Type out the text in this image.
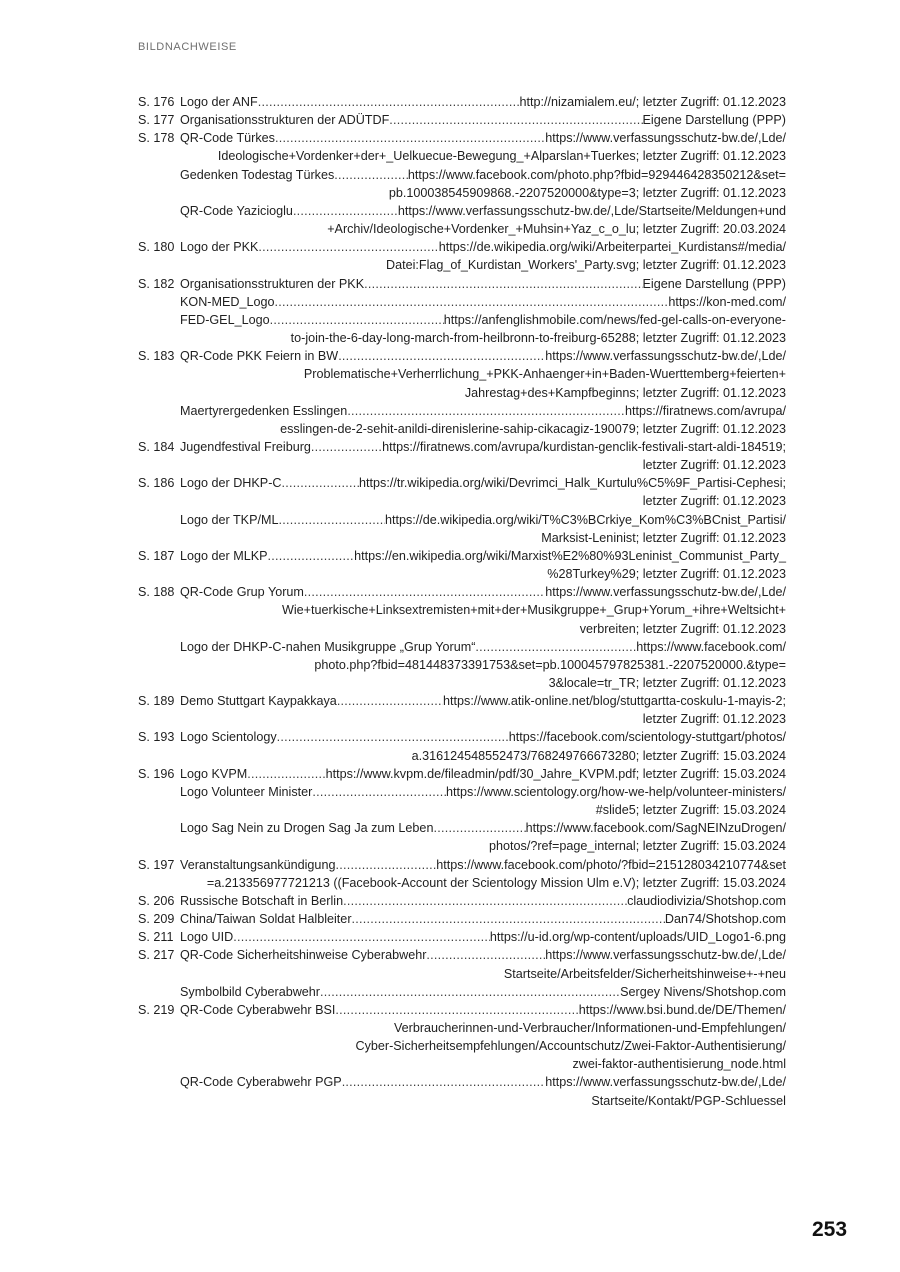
BILDNACHWEISE
S. 176 Logo der ANF .....	http://nizamialem.eu/; letzter Zugriff: 01.12.2023
S. 177 Organisationsstrukturen der ADÜTDF .....	Eigene Darstellung (PPP)
S. 178 QR-Code Türkes .....	https://www.verfassungsschutz-bw.de/,Lde/
Ideologische+Vordenker+der+_Uelkuecue-Bewegung_+Alparslan+Tuerkes; letzter Zugriff: 01.12.2023
Gedenken Todestag Türkes .....	https://www.facebook.com/photo.php?fbid=929446428350212&set=
pb.100038545909868.-2207520000&type=3; letzter Zugriff: 01.12.2023
QR-Code Yazicioglu .....	https://www.verfassungsschutz-bw.de/,Lde/Startseite/Meldungen+und
+Archiv/Ideologische+Vordenker_+Muhsin+Yaz_c_o_lu; letzter Zugriff: 20.03.2024
S. 180 Logo der PKK .....	https://de.wikipedia.org/wiki/Arbeiterpartei_Kurdistans#/media/
Datei:Flag_of_Kurdistan_Workers'_Party.svg; letzter Zugriff: 01.12.2023
S. 182 Organisationsstrukturen der PKK .....	Eigene Darstellung (PPP)
KON-MED_Logo .....	https://kon-med.com/
FED-GEL_Logo .....	https://anfenglishmobile.com/news/fed-gel-calls-on-everyone-
to-join-the-6-day-long-march-from-heilbronn-to-freiburg-65288; letzter Zugriff: 01.12.2023
S. 183 QR-Code PKK Feiern in BW .....	https://www.verfassungsschutz-bw.de/,Lde/
Problematische+Verherrlichung_+PKK-Anhaenger+in+Baden-Wuerttemberg+feierten+
Jahrestag+des+Kampfbeginns; letzter Zugriff: 01.12.2023
Maertyrergedenken Esslingen .....	https://firatnews.com/avrupa/
esslingen-de-2-sehit-anildi-direnislerine-sahip-cikacagiz-190079; letzter Zugriff: 01.12.2023
S. 184 Jugendfestival Freiburg .....	https://firatnews.com/avrupa/kurdistan-genclik-festivali-start-aldi-184519;
letzter Zugriff: 01.12.2023
S. 186 Logo der DHKP-C .....	https://tr.wikipedia.org/wiki/Devrimci_Halk_Kurtulu%C5%9F_Partisi-Cephesi;
letzter Zugriff: 01.12.2023
Logo der TKP/ML .....	https://de.wikipedia.org/wiki/T%C3%BCrkiye_Kom%C3%BCnist_Partisi/
Marksist-Leninist; letzter Zugriff: 01.12.2023
S. 187 Logo der MLKP .....	https://en.wikipedia.org/wiki/Marxist%E2%80%93Leninist_Communist_Party_
%28Turkey%29; letzter Zugriff: 01.12.2023
S. 188 QR-Code Grup Yorum .....	https://www.verfassungsschutz-bw.de/,Lde/
Wie+tuerkische+Linksextremisten+mit+der+Musikgruppe+_Grup+Yorum_+ihre+Weltsicht+
verbreiten; letzter Zugriff: 01.12.2023
Logo der DHKP-C-nahen Musikgruppe „Grup Yorum“ .....	https://www.facebook.com/
photo.php?fbid=481448373391753&set=pb.100045797825381.-2207520000.&type=
3&locale=tr_TR; letzter Zugriff: 01.12.2023
S. 189 Demo Stuttgart Kaypakkaya .....	https://www.atik-online.net/blog/stuttgartta-coskulu-1-mayis-2;
letzter Zugriff: 01.12.2023
S. 193 Logo Scientology .....	https://facebook.com/scientology-stuttgart/photos/
a.316124548552473/768249766673280; letzter Zugriff: 15.03.2024
S. 196 Logo KVPM .....	https://www.kvpm.de/fileadmin/pdf/30_Jahre_KVPM.pdf; letzter Zugriff: 15.03.2024
Logo Volunteer Minister .....	https://www.scientology.org/how-we-help/volunteer-ministers/
#slide5; letzter Zugriff: 15.03.2024
Logo Sag Nein zu Drogen Sag Ja zum Leben .....	https://www.facebook.com/SagNEINzuDrogen/
photos/?ref=page_internal; letzter Zugriff: 15.03.2024
S. 197 Veranstaltungsankündigung .....	https://www.facebook.com/photo/?fbid=215128034210774&set
=a.213356977721213 ((Facebook-Account der Scientology Mission Ulm e.V); letzter Zugriff: 15.03.2024
S. 206 Russische Botschaft in Berlin .....	claudiodivizia/Shotshop.com
S. 209 China/Taiwan Soldat Halbleiter .....	Dan74/Shotshop.com
S. 211 Logo UID .....	https://u-id.org/wp-content/uploads/UID_Logo1-6.png
S. 217 QR-Code Sicherheitshinweise Cyberabwehr .....	https://www.verfassungsschutz-bw.de/,Lde/
Startseite/Arbeitsfelder/Sicherheitshinweise+-+neu
Symbolbild Cyberabwehr .....	Sergey Nivens/Shotshop.com
S. 219 QR-Code Cyberabwehr BSI .....	https://www.bsi.bund.de/DE/Themen/
Verbraucherinnen-und-Verbraucher/Informationen-und-Empfehlungen/
Cyber-Sicherheitsempfehlungen/Accountschutz/Zwei-Faktor-Authentisierung/
zwei-faktor-authentisierung_node.html
QR-Code Cyberabwehr PGP .....	https://www.verfassungsschutz-bw.de/,Lde/
Startseite/Kontakt/PGP-Schluessel
253
